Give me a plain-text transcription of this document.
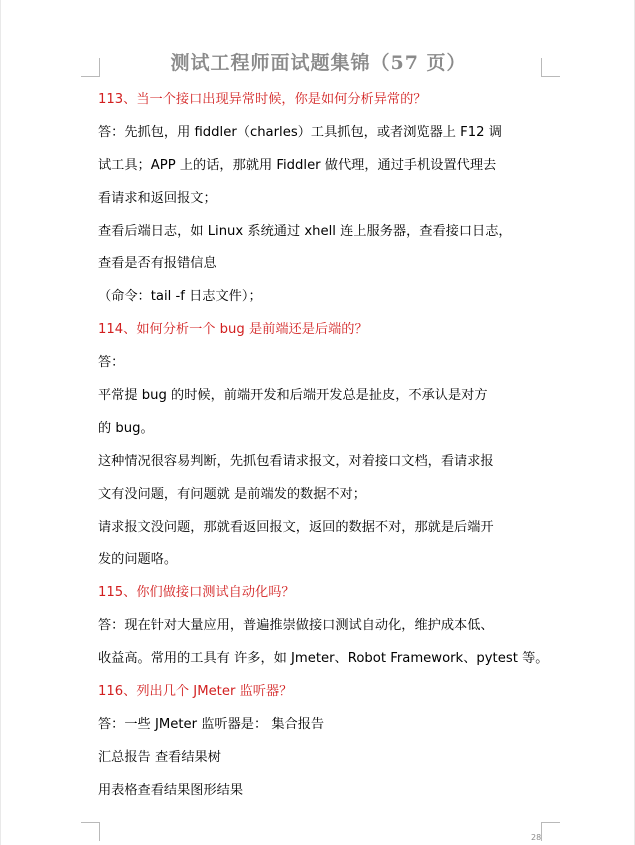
测试工程师面试题集锦（57 页）
113、当一个接口出现异常时候，你是如何分析异常的？
答：先抓包，用 fiddler（charles）工具抓包，或者浏览器上 F12 调
试工具；APP 上的话，那就用 Fiddler 做代理，通过手机设置代理去
看请求和返回报文；
查看后端日志，如 Linux 系统通过 xhell 连上服务器，查看接口日志，
查看是否有报错信息
（命令：tail -f 日志文件）；
114、如何分析一个 bug 是前端还是后端的？
答：
平常提 bug 的时候，前端开发和后端开发总是扯皮，不承认是对方
的 bug。
这种情况很容易判断，先抓包看请求报文，对着接口文档，看请求报
文有没问题，有问题就 是前端发的数据不对；
请求报文没问题，那就看返回报文，返回的数据不对，那就是后端开
发的问题咯。
115、你们做接口测试自动化吗？
答：现在针对大量应用，普遍推崇做接口测试自动化，维护成本低、
收益高。常用的工具有 许多，如 Jmeter、Robot Framework、pytest 等。
116、列出几个 JMeter 监听器？
答：一些 JMeter 监听器是： 集合报告
汇总报告 查看结果树
用表格查看结果图形结果
28
